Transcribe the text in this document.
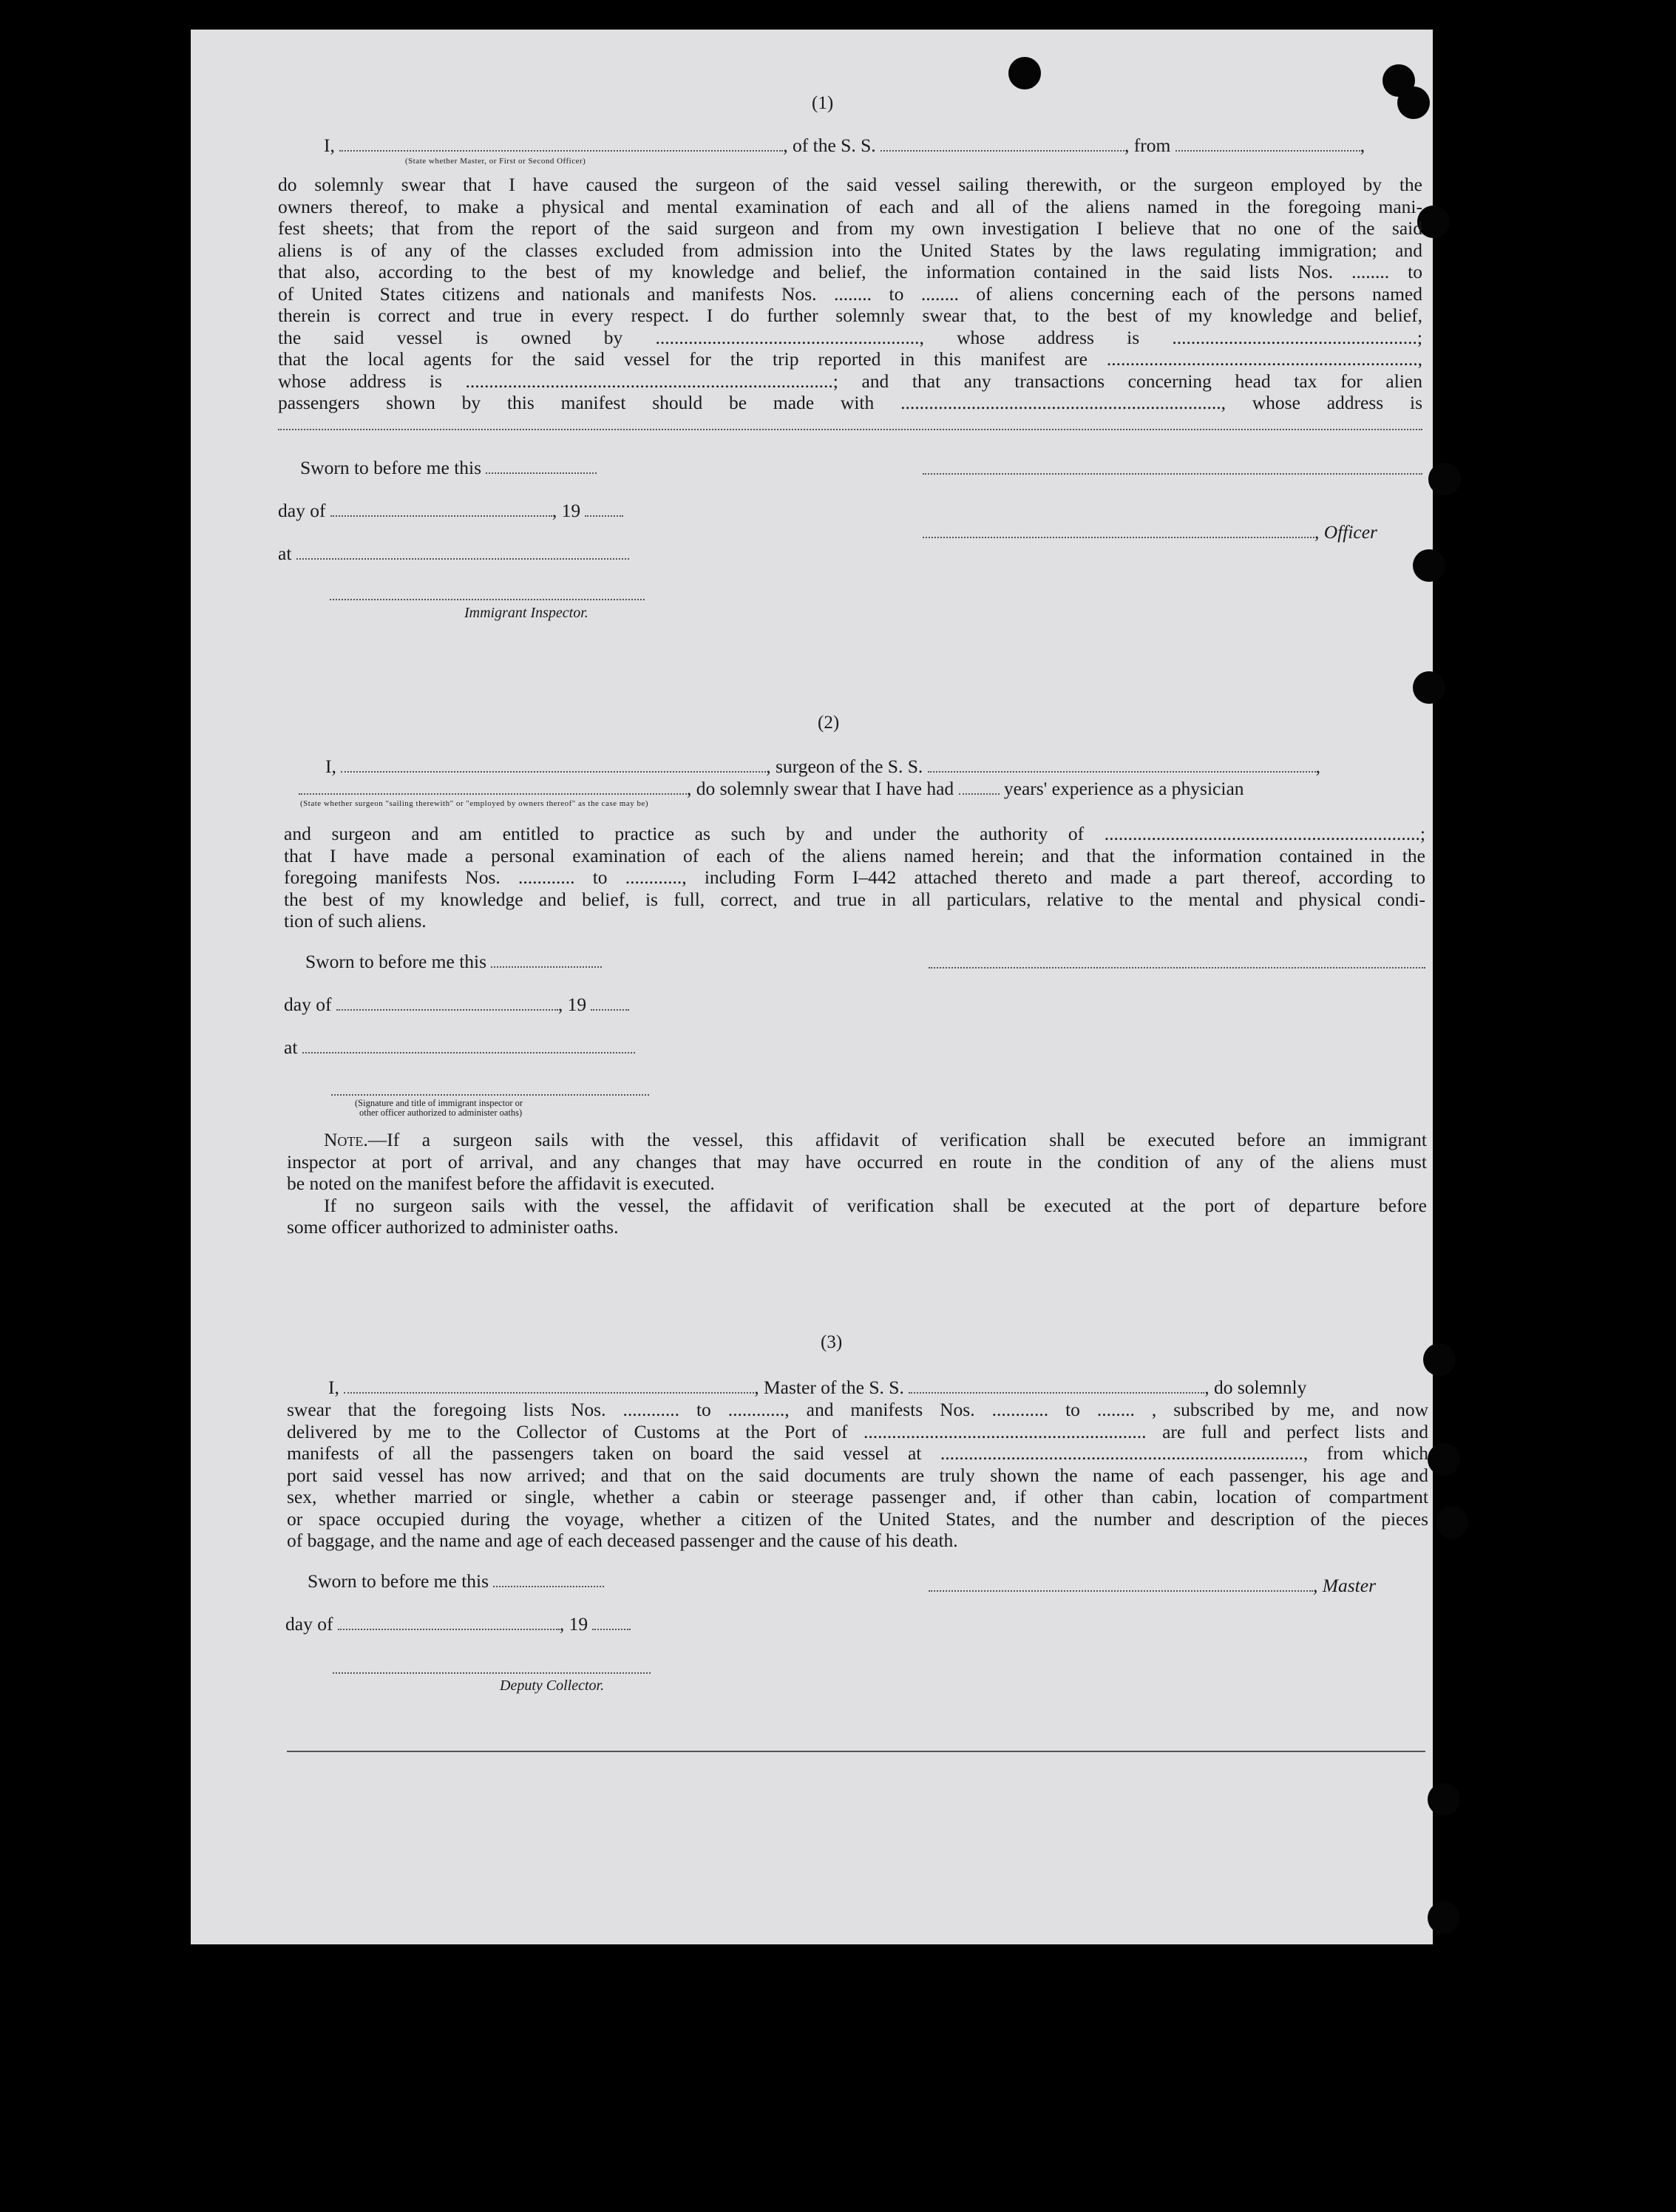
(1)
I,	, of the S. S.	, from	,
(State whether Master, or First or Second Officer)
do solemnly swear that I have caused the surgeon of the said vessel sailing therewith, or the surgeon employed by the
owners thereof, to make a physical and mental examination of each and all of the aliens named in the foregoing mani-
fest sheets; that from the report of the said surgeon and from my own investigation I believe that no one of the said
aliens is of any of the classes excluded from admission into the United States by the laws regulating immigration; and
that also, according to the best of my knowledge and belief, the information contained in the said lists Nos. ........ to
of United States citizens and nationals and manifests Nos. ........ to ........ of aliens concerning each of the persons named
therein is correct and true in every respect. I do further solemnly swear that, to the best of my knowledge and belief,
the said vessel is owned by ........................................................, whose address is ....................................................;
that the local agents for the said vessel for the trip reported in this manifest are ..................................................................,
whose address is ..............................................................................; and that any transactions concerning head tax for alien
passengers shown by this manifest should be made with ...................................................................., whose address is
Sworn to before me this
day of	, 19
, Officer
at
Immigrant Inspector.
(2)
I,	, surgeon of the S. S.	,
, do solemnly swear that I have had	years' experience as a physician
(State whether surgeon "sailing therewith" or "employed by owners thereof" as the case may be)
and surgeon and am entitled to practice as such by and under the authority of ...................................................................;
that I have made a personal examination of each of the aliens named herein; and that the information contained in the
foregoing manifests Nos. ............ to ............, including Form I–442 attached thereto and made a part thereof, according to
the best of my knowledge and belief, is full, correct, and true in all particulars, relative to the mental and physical condi-
tion of such aliens.
Sworn to before me this
day of	, 19
at
(Signature and title of immigrant inspector or
other officer authorized to administer oaths)
Note.—If a surgeon sails with the vessel, this affidavit of verification shall be executed before an immigrant
inspector at port of arrival, and any changes that may have occurred en route in the condition of any of the aliens must
be noted on the manifest before the affidavit is executed.
If no surgeon sails with the vessel, the affidavit of verification shall be executed at the port of departure before
some officer authorized to administer oaths.
(3)
I,	, Master of the S. S.	, do solemnly
swear that the foregoing lists Nos. ............ to ............, and manifests Nos. ............ to ........ , subscribed by me, and now
delivered by me to the Collector of Customs at the Port of ............................................................ are full and perfect lists and
manifests of all the passengers taken on board the said vessel at ............................................................................., from which
port said vessel has now arrived; and that on the said documents are truly shown the name of each passenger, his age and
sex, whether married or single, whether a cabin or steerage passenger and, if other than cabin, location of compartment
or space occupied during the voyage, whether a citizen of the United States, and the number and description of the pieces
of baggage, and the name and age of each deceased passenger and the cause of his death.
Sworn to before me this	, Master
day of	, 19
Deputy Collector.
